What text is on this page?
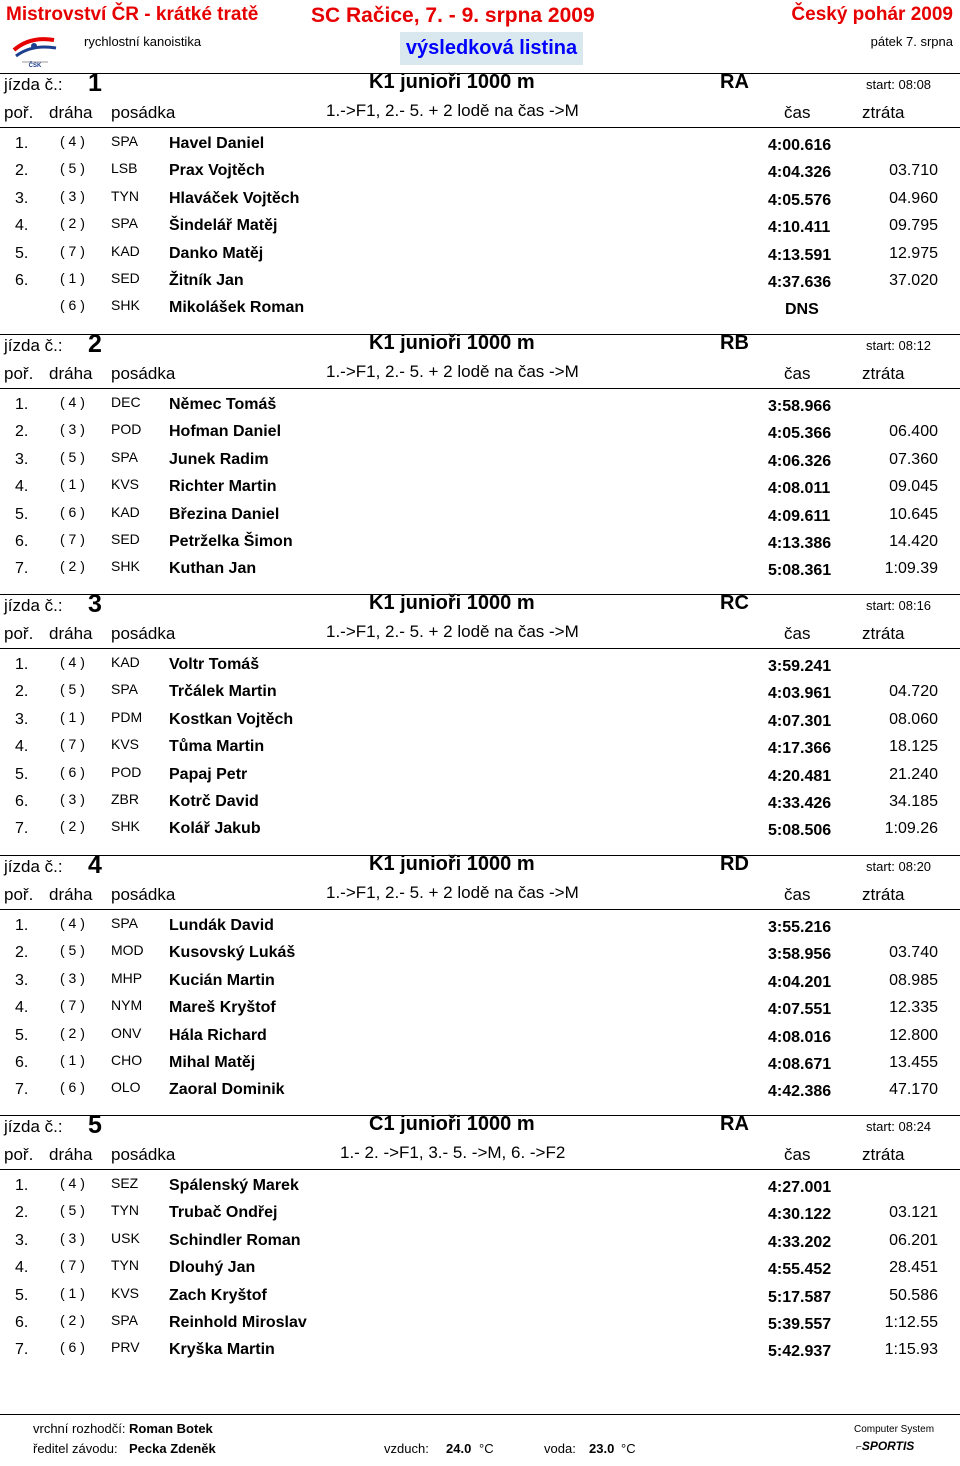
Mistrovství ČR - krátké tratě
rychlostní kanoistika
SC Račice, 7. - 9. srpna 2009
výsledková listina
Český pohár 2009
pátek 7. srpna
ČSK
jízda č.: 1	K1 junioři 1000 m	RA	start: 08:08
poř. dráha posádka	1.->F1, 2.- 5. + 2 lodě na čas ->M	čas	ztráta
1. ( 4 ) SPA Havel Daniel	4:00.616
2. ( 5 ) LSB Prax Vojtěch	4:04.326	03.710
3. ( 3 ) TYN Hlaváček Vojtěch	4:05.576	04.960
4. ( 2 ) SPA Šindelář Matěj	4:10.411	09.795
5. ( 7 ) KAD Danko Matěj	4:13.591	12.975
6. ( 1 ) SED Žitník Jan	4:37.636	37.020
( 6 ) SHK Mikolášek Roman	DNS
jízda č.: 2	K1 junioři 1000 m	RB	start: 08:12
poř. dráha posádka	1.->F1, 2.- 5. + 2 lodě na čas ->M	čas	ztráta
1. ( 4 ) DEC Němec Tomáš	3:58.966
2. ( 3 ) POD Hofman Daniel	4:05.366	06.400
3. ( 5 ) SPA Junek Radim	4:06.326	07.360
4. ( 1 ) KVS Richter Martin	4:08.011	09.045
5. ( 6 ) KAD Březina Daniel	4:09.611	10.645
6. ( 7 ) SED Petrželka Šimon	4:13.386	14.420
7. ( 2 ) SHK Kuthan Jan	5:08.361	1:09.39
jízda č.: 3	K1 junioři 1000 m	RC	start: 08:16
poř. dráha posádka	1.->F1, 2.- 5. + 2 lodě na čas ->M	čas	ztráta
1. ( 4 ) KAD Voltr Tomáš	3:59.241
2. ( 5 ) SPA Trčálek Martin	4:03.961	04.720
3. ( 1 ) PDM Kostkan Vojtěch	4:07.301	08.060
4. ( 7 ) KVS Tůma Martin	4:17.366	18.125
5. ( 6 ) POD Papaj Petr	4:20.481	21.240
6. ( 3 ) ZBR Kotrč David	4:33.426	34.185
7. ( 2 ) SHK Kolář Jakub	5:08.506	1:09.26
jízda č.: 4	K1 junioři 1000 m	RD	start: 08:20
poř. dráha posádka	1.->F1, 2.- 5. + 2 lodě na čas ->M	čas	ztráta
1. ( 4 ) SPA Lundák David	3:55.216
2. ( 5 ) MOD Kusovský Lukáš	3:58.956	03.740
3. ( 3 ) MHP Kucián Martin	4:04.201	08.985
4. ( 7 ) NYM Mareš Kryštof	4:07.551	12.335
5. ( 2 ) ONV Hála Richard	4:08.016	12.800
6. ( 1 ) CHO Mihal Matěj	4:08.671	13.455
7. ( 6 ) OLO Zaoral Dominik	4:42.386	47.170
jízda č.: 5	C1 junioři 1000 m	RA	start: 08:24
poř. dráha posádka	1.- 2. ->F1, 3.- 5. ->M, 6. ->F2	čas	ztráta
1. ( 4 ) SEZ Spálenský Marek	4:27.001
2. ( 5 ) TYN Trubač Ondřej	4:30.122	03.121
3. ( 3 ) USK Schindler Roman	4:33.202	06.201
4. ( 7 ) TYN Dlouhý Jan	4:55.452	28.451
5. ( 1 ) KVS Zach Kryštof	5:17.587	50.586
6. ( 2 ) SPA Reinhold Miroslav	5:39.557	1:12.55
7. ( 6 ) PRV Kryška Martin	5:42.937	1:15.93
vrchní rozhodčí: Roman Botek
ředitel závodu: Pecka Zdeněk	vzduch: 24.0 °C	voda: 23.0 °C
Computer System
⌐SPORTIS
